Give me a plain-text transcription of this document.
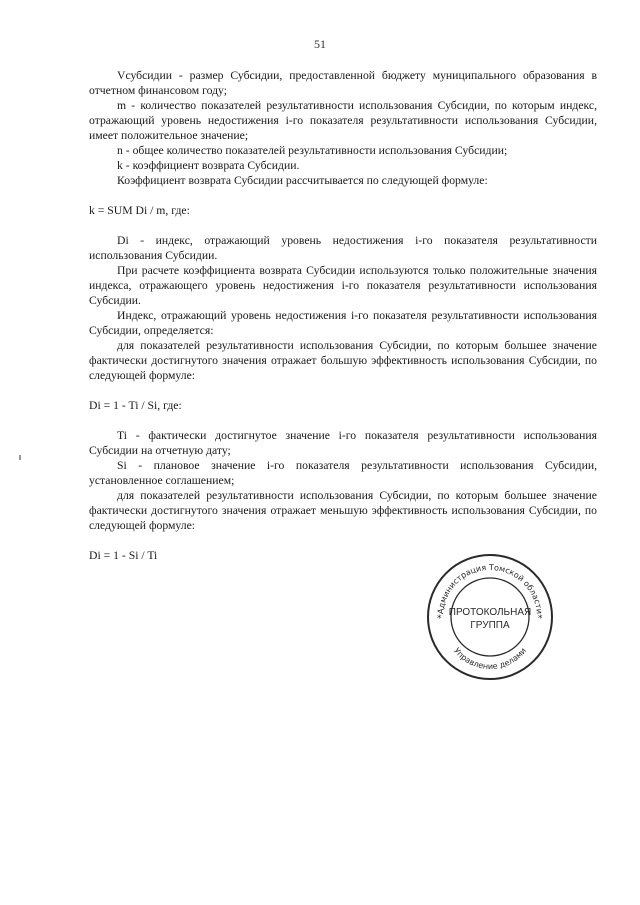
51

Vсубсидии - размер Субсидии, предоставленной бюджету муниципального образования в отчетном финансовом году;

m - количество показателей результативности использования Субсидии, по которым индекс, отражающий уровень недостижения i-го показателя результативности использования Субсидии, имеет положительное значение;

n - общее количество показателей результативности использования Субсидии;

k - коэффициент возврата Субсидии.

Коэффициент возврата Субсидии рассчитывается по следующей формуле:

k = SUM Di / m, где:

Di - индекс, отражающий уровень недостижения i-го показателя результативности использования Субсидии.

При расчете коэффициента возврата Субсидии используются только положительные значения индекса, отражающего уровень недостижения i-го показателя результативности использования Субсидии.

Индекс, отражающий уровень недостижения i-го показателя результативности использования Субсидии, определяется:

для показателей результативности использования Субсидии, по которым большее значение фактически достигнутого значения отражает большую эффективность использования Субсидии, по следующей формуле:

Di = 1 - Ti / Si, где:

Ti - фактически достигнутое значение i-го показателя результативности использования Субсидии на отчетную дату;

Si - плановое значение i-го показателя результативности использования Субсидии, установленное соглашением;

для показателей результативности использования Субсидии, по которым большее значение фактически достигнутого значения отражает меньшую эффективность использования Субсидии, по следующей формуле:

Di = 1 - Si / Ti

Администрация Томской области
Управление делами
*	*
ПРОТОКОЛЬНАЯ
ГРУППА
